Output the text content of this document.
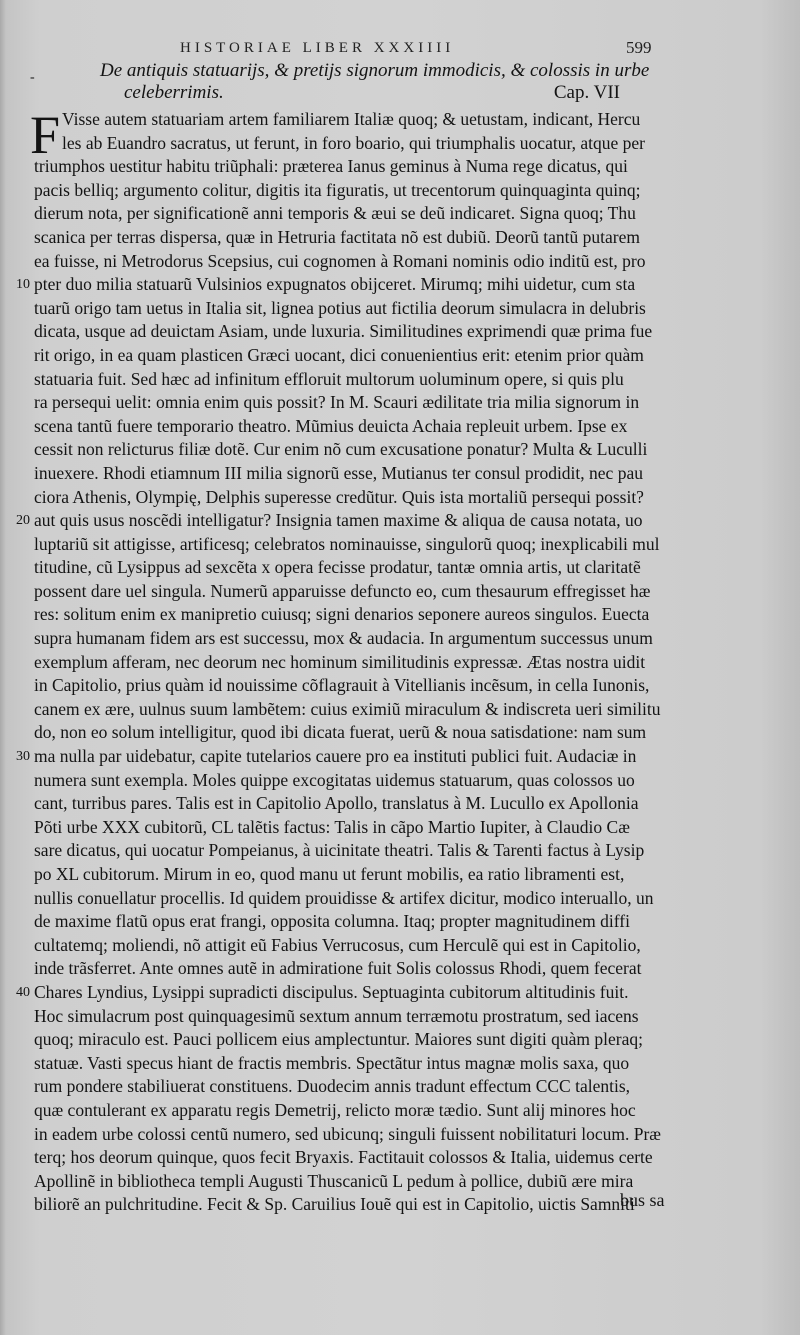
HISTORIAE LIBER XXXIIII	599
-	De antiquis statuarijs, & pretijs signorum immodicis, & colossis in urbe
celeberrimis.	Cap. VII
F Visse autem statuariam artem familiarem Italiæ quoq; & uetustam, indicant, Hercu
les ab Euandro sacratus, ut ferunt, in foro boario, qui triumphalis uocatur, atque per
triumphos uestitur habitu triũphali: præterea Ianus geminus à Numa rege dicatus, qui
pacis belliq; argumento colitur, digitis ita figuratis, ut trecentorum quinquaginta quinq;
dierum nota, per significationẽ anni temporis & æui se deũ indicaret. Signa quoq; Thu
scanica per terras dispersa, quæ in Hetruria factitata nõ est dubiũ. Deorũ tantũ putarem
ea fuisse, ni Metrodorus Scepsius, cui cognomen à Romani nominis odio inditũ est, pro
pter duo milia statuarũ Vulsinios expugnatos obijceret. Mirumq; mihi uidetur, cum sta
tuarũ origo tam uetus in Italia sit, lignea potius aut fictilia deorum simulacra in delubris
dicata, usque ad deuictam Asiam, unde luxuria. Similitudines exprimendi quæ prima fue
rit origo, in ea quam plasticen Græci uocant, dici conuenientius erit: etenim prior quàm
statuaria fuit. Sed hæc ad infinitum effloruit multorum uoluminum opere, si quis plu
ra persequi uelit: omnia enim quis possit? In M. Scauri ædilitate tria milia signorum in
scena tantũ fuere temporario theatro. Mũmius deuicta Achaia repleuit urbem. Ipse ex
cessit non relicturus filiæ dotẽ. Cur enim nõ cum excusatione ponatur? Multa & Luculli
inuexere. Rhodi etiamnum III milia signorũ esse, Mutianus ter consul prodidit, nec pau
ciora Athenis, Olympię, Delphis superesse credũtur. Quis ista mortaliũ persequi possit?
aut quis usus noscẽdi intelligatur? Insignia tamen maxime & aliqua de causa notata, uo
luptariũ sit attigisse, artificesq; celebratos nominauisse, singulorũ quoq; inexplicabili mul
titudine, cũ Lysippus ad sexcẽta x opera fecisse prodatur, tantæ omnia artis, ut claritatẽ
possent dare uel singula. Numerũ apparuisse defuncto eo, cum thesaurum effregisset hæ
res: solitum enim ex manipretio cuiusq; signi denarios seponere aureos singulos. Euecta
supra humanam fidem ars est successu, mox & audacia. In argumentum successus unum
exemplum afferam, nec deorum nec hominum similitudinis expressæ. Ætas nostra uidit
in Capitolio, prius quàm id nouissime cõflagrauit à Vitellianis incẽsum, in cella Iunonis,
canem ex ære, uulnus suum lambẽtem: cuius eximiũ miraculum & indiscreta ueri similitu
do, non eo solum intelligitur, quod ibi dicata fuerat, uerũ & noua satisdatione: nam sum
ma nulla par uidebatur, capite tutelarios cauere pro ea instituti publici fuit. Audaciæ in
numera sunt exempla. Moles quippe excogitatas uidemus statuarum, quas colossos uo
cant, turribus pares. Talis est in Capitolio Apollo, translatus à M. Lucullo ex Apollonia
Põti urbe XXX cubitorũ, CL talẽtis factus: Talis in cãpo Martio Iupiter, à Claudio Cæ
sare dicatus, qui uocatur Pompeianus, à uicinitate theatri. Talis & Tarenti factus à Lysip
po XL cubitorum. Mirum in eo, quod manu ut ferunt mobilis, ea ratio libramenti est,
nullis conuellatur procellis. Id quidem prouidisse & artifex dicitur, modico interuallo, un
de maxime flatũ opus erat frangi, opposita columna. Itaq; propter magnitudinem diffi
cultatemq; moliendi, nõ attigit eũ Fabius Verrucosus, cum Herculẽ qui est in Capitolio,
inde trãsferret. Ante omnes autẽ in admiratione fuit Solis colossus Rhodi, quem fecerat
Chares Lyndius, Lysippi supradicti discipulus. Septuaginta cubitorum altitudinis fuit.
Hoc simulacrum post quinquagesimũ sextum annum terræmotu prostratum, sed iacens
quoq; miraculo est. Pauci pollicem eius amplectuntur. Maiores sunt digiti quàm pleraq;
statuæ. Vasti specus hiant de fractis membris. Spectãtur intus magnæ molis saxa, quo
rum pondere stabiliuerat constituens. Duodecim annis tradunt effectum CCC talentis,
quæ contulerant ex apparatu regis Demetrij, relicto moræ tædio. Sunt alij minores hoc
in eadem urbe colossi centũ numero, sed ubicunq; singuli fuissent nobilitaturi locum. Præ
terq; hos deorum quinque, quos fecit Bryaxis. Factitauit colossos & Italia, uidemus certe
Apollinẽ in bibliotheca templi Augusti Thuscanicũ L pedum à pollice, dubiũ ære mira
biliorẽ an pulchritudine. Fecit & Sp. Caruilius Iouẽ qui est in Capitolio, uictis Samniti
bus sa
10
20
30
40
